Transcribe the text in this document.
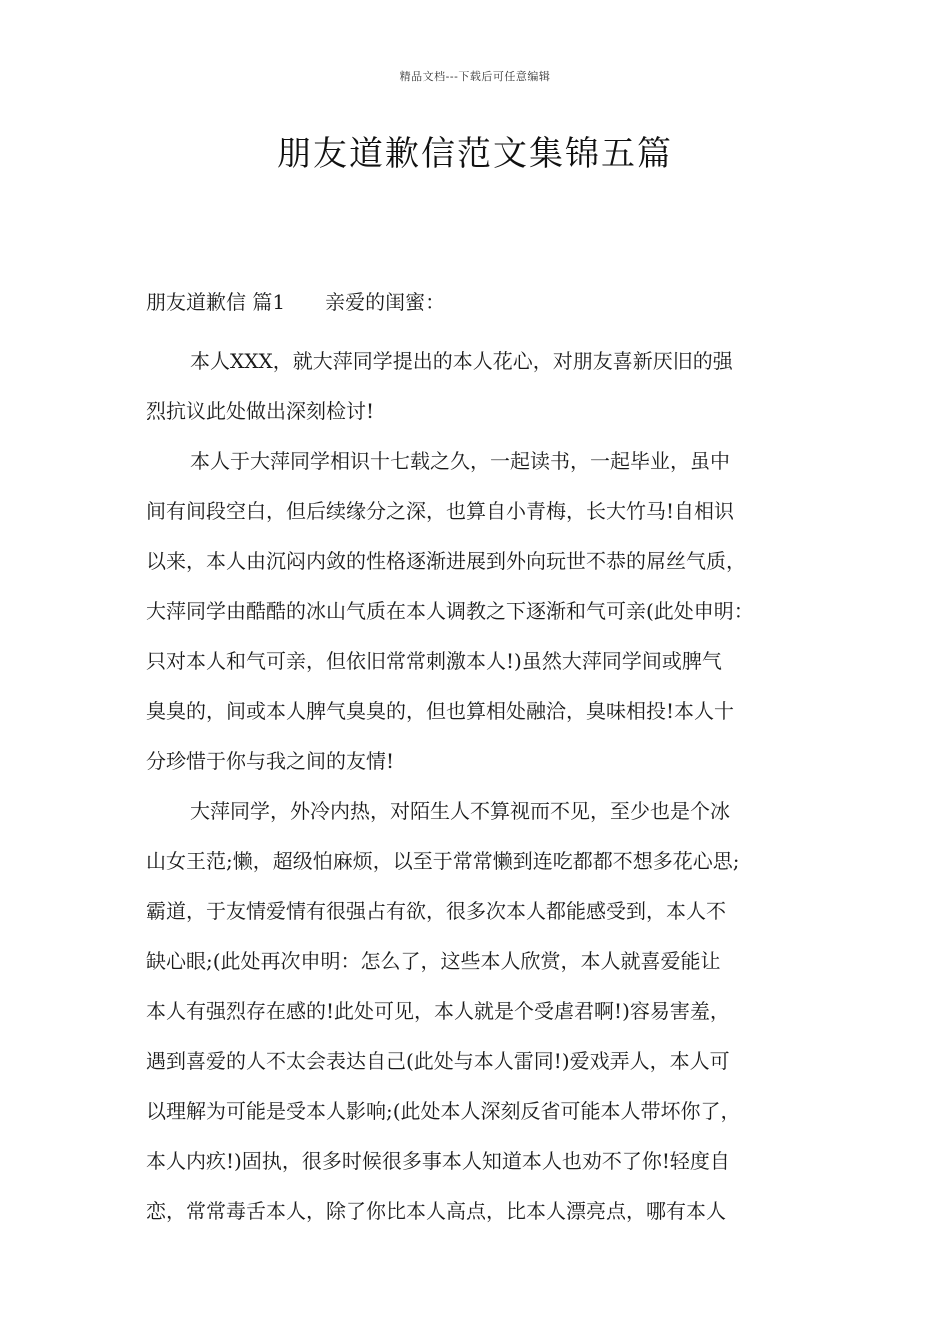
精品文档---下载后可任意编辑
朋友道歉信范文集锦五篇
朋友道歉信 篇1 亲爱的闺蜜：
本人XXX，就大萍同学提出的本人花心，对朋友喜新厌旧的强
烈抗议此处做出深刻检讨!
本人于大萍同学相识十七载之久，一起读书，一起毕业，虽中
间有间段空白，但后续缘分之深，也算自小青梅，长大竹马!自相识
以来，本人由沉闷内敛的性格逐渐进展到外向玩世不恭的屌丝气质，
大萍同学由酷酷的冰山气质在本人调教之下逐渐和气可亲(此处申明：
只对本人和气可亲，但依旧常常刺激本人!)虽然大萍同学间或脾气
臭臭的，间或本人脾气臭臭的，但也算相处融洽，臭味相投!本人十
分珍惜于你与我之间的友情!
大萍同学，外冷内热，对陌生人不算视而不见，至少也是个冰
山女王范;懒，超级怕麻烦，以至于常常懒到连吃都都不想多花心思;
霸道，于友情爱情有很强占有欲，很多次本人都能感受到，本人不
缺心眼;(此处再次申明：怎么了，这些本人欣赏，本人就喜爱能让
本人有强烈存在感的!此处可见，本人就是个受虐君啊!)容易害羞，
遇到喜爱的人不太会表达自己(此处与本人雷同!)爱戏弄人，本人可
以理解为可能是受本人影响;(此处本人深刻反省可能本人带坏你了，
本人内疚!)固执，很多时候很多事本人知道本人也劝不了你!轻度自
恋，常常毒舌本人，除了你比本人高点，比本人漂亮点，哪有本人
